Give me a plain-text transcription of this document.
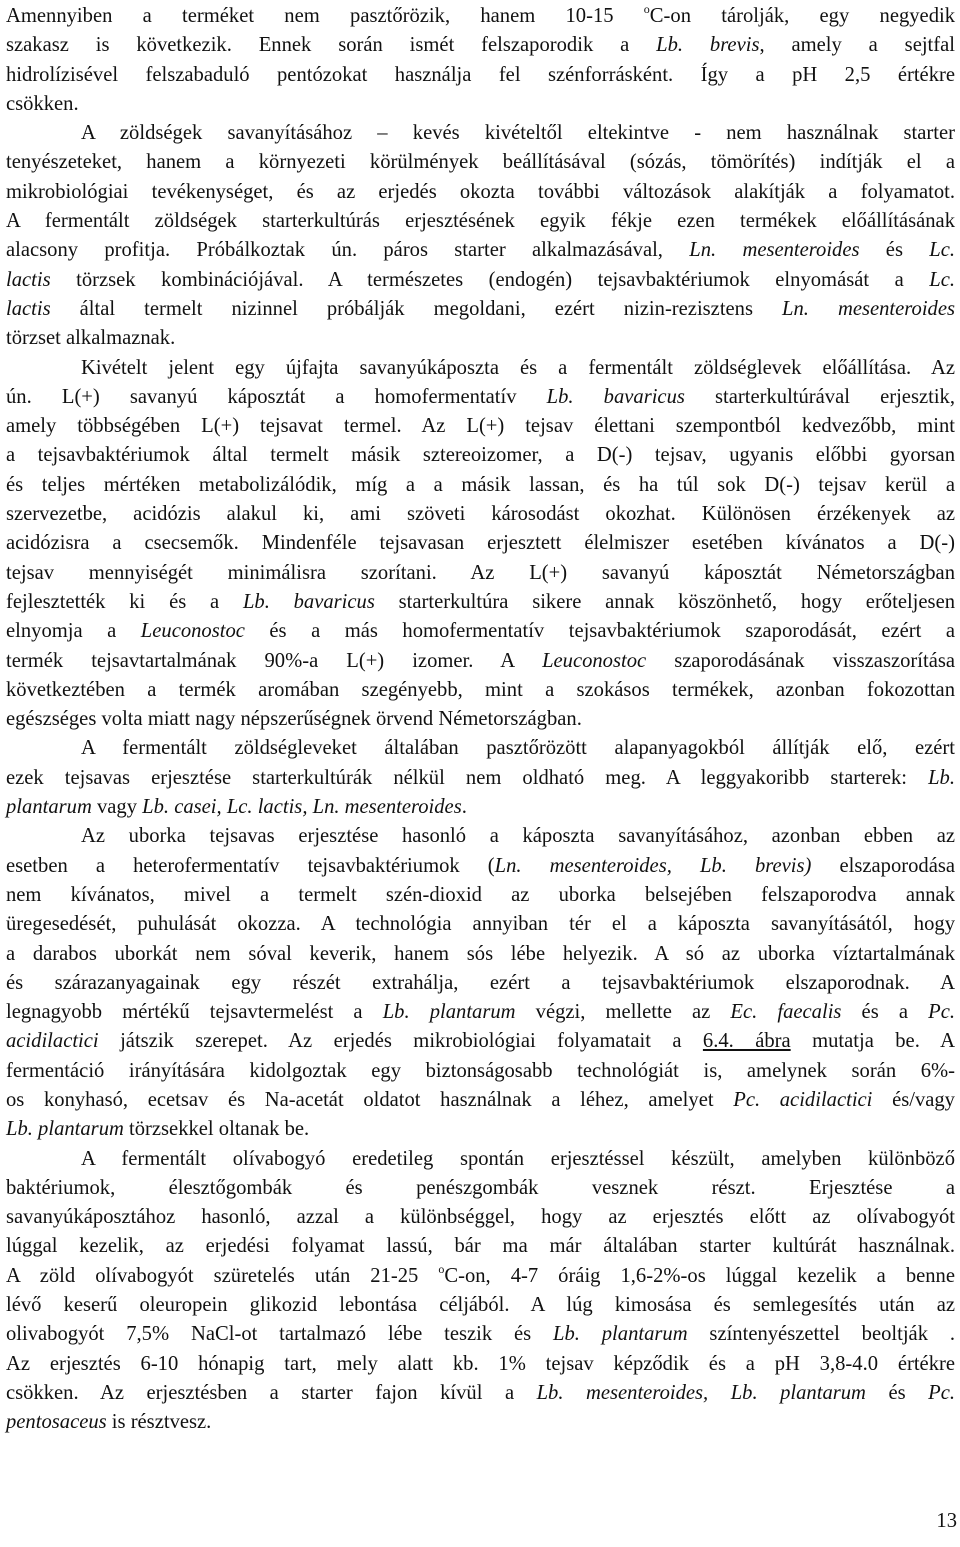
Amennyiben a terméket nem pasztőrözik, hanem 10-15 $^o$C-on tárolják, egy negyedik
szakasz is következik. Ennek során ismét felszaporodik a Lb. brevis, amely a sejtfal
hidrolízisével felszabaduló pentózokat használja fel szénforrásként. Így a pH 2,5 értékre
csökken.
A zöldségek savanyításához – kevés kivételtől eltekintve - nem használnak starter
tenyészeteket, hanem a környezeti körülmények beállításával (sózás, tömörítés) indítják el a
mikrobiológiai tevékenységet, és az erjedés okozta további változások alakítják a folyamatot.
A fermentált zöldségek starterkultúrás erjesztésének egyik fékje ezen termékek előállításának
alacsony profitja. Próbálkoztak ún. páros starter alkalmazásával, Ln. mesenteroides és Lc.
lactis törzsek kombinációjával. A természetes (endogén) tejsavbaktériumok elnyomását a Lc.
lactis által termelt nizinnel próbálják megoldani, ezért nizin-rezisztens Ln. mesenteroides
törzset alkalmaznak.
Kivételt jelent egy újfajta savanyúkáposzta és a fermentált zöldséglevek előállítása. Az
ún. L(+) savanyú káposztát a homofermentatív Lb. bavaricus starterkultúrával erjesztik,
amely többségében L(+) tejsavat termel. Az L(+) tejsav élettani szempontból kedvezőbb, mint
a tejsavbaktériumok által termelt másik sztereoizomer, a D(-) tejsav, ugyanis előbbi gyorsan
és teljes mértéken metabolizálódik, míg a a másik lassan, és ha túl sok D(-) tejsav kerül a
szervezetbe, acidózis alakul ki, ami szöveti károsodást okozhat. Különösen érzékenyek az
acidózisra a csecsemők. Mindenféle tejsavasan erjesztett élelmiszer esetében kívánatos a D(-)
tejsav mennyiségét minimálisra szorítani. Az L(+) savanyú káposztát Németországban
fejlesztették ki és a Lb. bavaricus starterkultúra sikere annak köszönhető, hogy erőteljesen
elnyomja a Leuconostoc és a más homofermentatív tejsavbaktériumok szaporodását, ezért a
termék tejsavtartalmának 90%-a L(+) izomer. A Leuconostoc szaporodásának visszaszorítása
következtében a termék aromában szegényebb, mint a szokásos termékek, azonban fokozottan
egészséges volta miatt nagy népszerűségnek örvend Németországban.
A fermentált zöldségleveket általában pasztőrözött alapanyagokból állítják elő, ezért
ezek tejsavas erjesztése starterkultúrák nélkül nem oldható meg. A leggyakoribb starterek: Lb.
plantarum vagy Lb. casei, Lc. lactis, Ln. mesenteroides.
Az uborka tejsavas erjesztése hasonló a káposzta savanyításához, azonban ebben az
esetben a heterofermentatív tejsavbaktériumok (Ln. mesenteroides, Lb. brevis) elszaporodása
nem kívánatos, mivel a termelt szén-dioxid az uborka belsejében felszaporodva annak
üregesedését, puhulását okozza. A technológia annyiban tér el a káposzta savanyításától, hogy
a darabos uborkát nem sóval keverik, hanem sós lébe helyezik. A só az uborka víztartalmának
és szárazanyagainak egy részét extrahálja, ezért a tejsavbaktériumok elszaporodnak. A
legnagyobb mértékű tejsavtermelést a Lb. plantarum végzi, mellette az Ec. faecalis és a Pc.
acidilactici játszik szerepet. Az erjedés mikrobiológiai folyamatait a 6.4. ábra mutatja be. A
fermentáció irányítására kidolgoztak egy biztonságosabb technológiát is, amelynek során 6%-
os konyhasó, ecetsav és Na-acetát oldatot használnak a léhez, amelyet Pc. acidilactici és/vagy
Lb. plantarum törzsekkel oltanak be.
A fermentált olívabogyó eredetileg spontán erjesztéssel készült, amelyben különböző
baktériumok, élesztőgombák és penészgombák vesznek részt. Erjesztése a
savanyúkáposztához hasonló, azzal a különbséggel, hogy az erjesztés előtt az olívabogyót
lúggal kezelik, az erjedési folyamat lassú, bár ma már általában starter kultúrát használnak.
A zöld olívabogyót szüretelés után 21-25 $^o$C-on, 4-7 óráig 1,6-2%-os lúggal kezelik a benne
lévő keserű oleuropein glikozid lebontása céljából. A lúg kimosása és semlegesítés után az
olivabogyót 7,5% NaCl-ot tartalmazó lébe teszik és Lb. plantarum színtenyészettel beoltják .
Az erjesztés 6-10 hónapig tart, mely alatt kb. 1% tejsav képződik és a pH 3,8-4.0 értékre
csökken. Az erjesztésben a starter fajon kívül a Lb. mesenteroides, Lb. plantarum és Pc.
pentosaceus is résztvesz.
13
